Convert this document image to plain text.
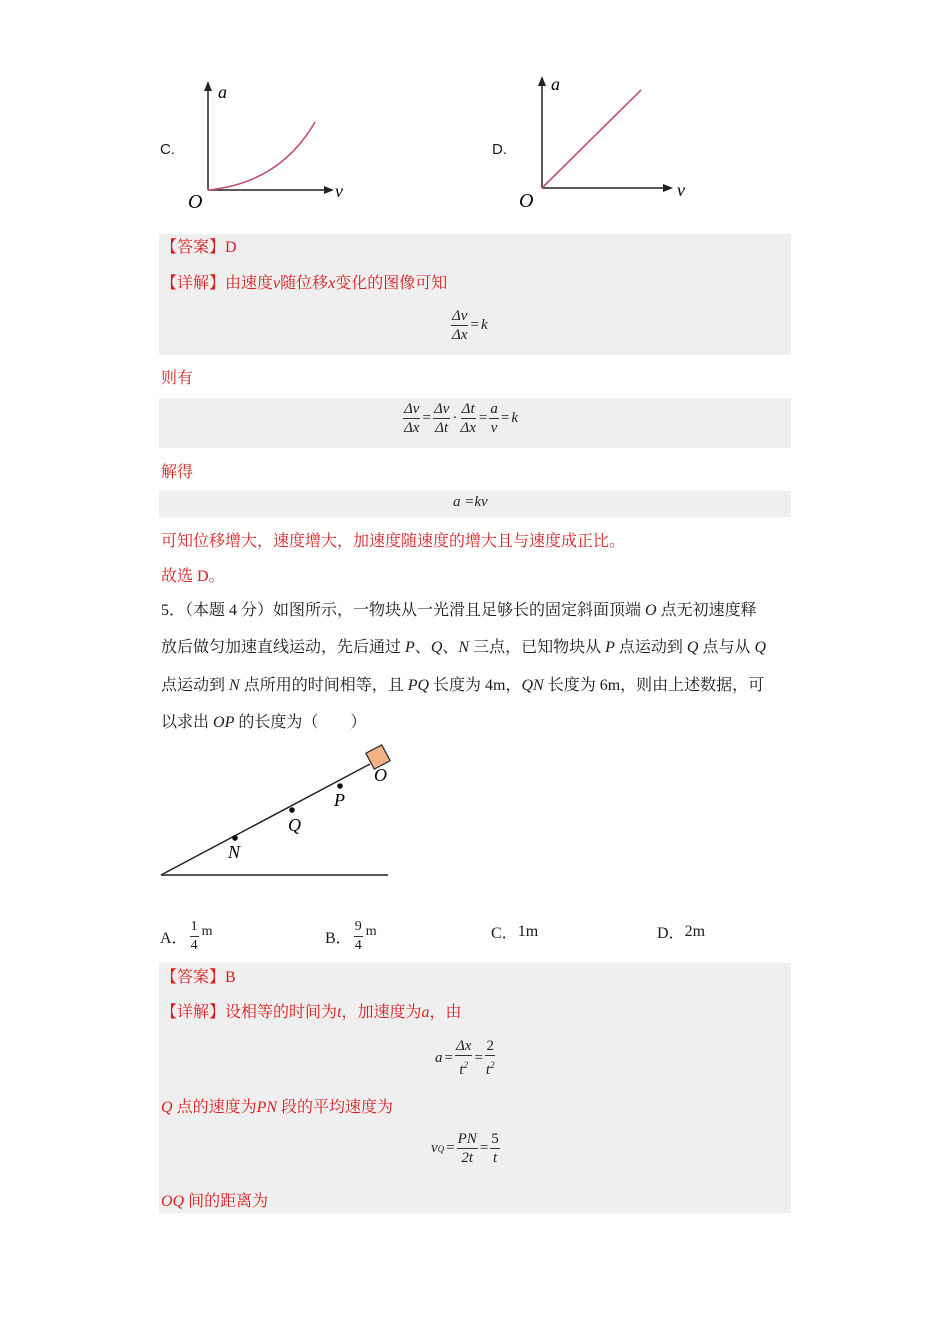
C.
a
v
O
D.
a
v
O
【答案】D
【详解】由速度v随位移x变化的图像可知
$\frac{\Delta v}{\Delta x} = k$
则有
$\frac{\Delta v}{\Delta x} = \frac{\Delta v}{\Delta t} \cdot \frac{\Delta t}{\Delta x} = \frac{a}{v} = k$
解得
a =kv
可知位移增大，速度增大，加速度随速度的增大且与速度成正比。
故选 D。
5．（本题 4 分）如图所示，一物块从一光滑且足够长的固定斜面顶端 O 点无初速度释
放后做匀加速直线运动，先后通过 P、Q、N 三点，已知物块从 P 点运动到 Q 点与从 Q
点运动到 N 点所用的时间相等，且 PQ 长度为 4m，QN 长度为 6m，则由上述数据，可
以求出 OP 的长度为（　　）
O
P
Q
N
A． $\frac{1}{4}$ m	B． $\frac{9}{4}$ m	C． 1m	D． 2m
【答案】B
【详解】设相等的时间为t，加速度为a，由
$a = \frac{\Delta x}{t^2} = \frac{2}{t^2}$
Q 点的速度为PN 段的平均速度为
v $Q = \frac{PN}{2t} = \frac{5}{t}$
OQ 间的距离为
